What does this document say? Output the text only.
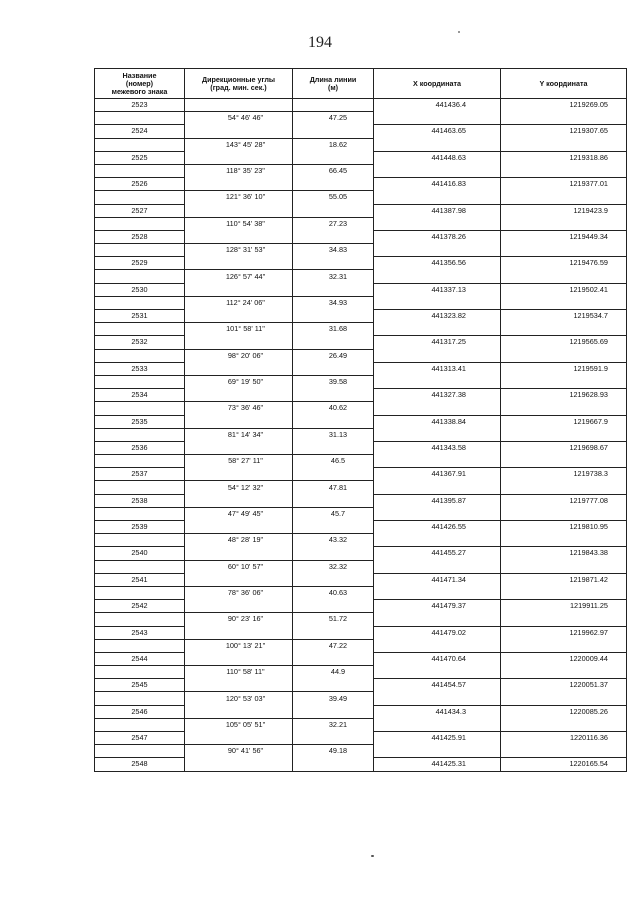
194
Название
(номер)
межевого знака	Дирекционные углы
(град. мин. сек.)	Длина линии
(м)	X координата	Y координата
2523			441436.4	1219269.05
	54° 46' 46"	47.25		
2524			441463.65	1219307.65
	143° 45' 28"	18.62		
2525			441448.63	1219318.86
	118° 35' 23"	66.45		
2526			441416.83	1219377.01
	121° 36' 10"	55.05		
2527			441387.98	1219423.9
	110° 54' 38"	27.23		
2528			441378.26	1219449.34
	128° 31' 53"	34.83		
2529			441356.56	1219476.59
	126° 57' 44"	32.31		
2530			441337.13	1219502.41
	112° 24' 06"	34.93		
2531			441323.82	1219534.7
	101° 58' 11"	31.68		
2532			441317.25	1219565.69
	98° 20' 06"	26.49		
2533			441313.41	1219591.9
	69° 19' 50"	39.58		
2534			441327.38	1219628.93
	73° 36' 46"	40.62		
2535			441338.84	1219667.9
	81° 14' 34"	31.13		
2536			441343.58	1219698.67
	58° 27' 11"	46.5		
2537			441367.91	1219738.3
	54° 12' 32"	47.81		
2538			441395.87	1219777.08
	47° 49' 45"	45.7		
2539			441426.55	1219810.95
	48° 28' 19"	43.32		
2540			441455.27	1219843.38
	60° 10' 57"	32.32		
2541			441471.34	1219871.42
	78° 36' 06"	40.63		
2542			441479.37	1219911.25
	90° 23' 16"	51.72		
2543			441479.02	1219962.97
	100° 13' 21"	47.22		
2544			441470.64	1220009.44
	110° 58' 11"	44.9		
2545			441454.57	1220051.37
	120° 53' 03"	39.49		
2546			441434.3	1220085.26
	105° 05' 51"	32.21		
2547			441425.91	1220116.36
	90° 41' 56"	49.18		
2548			441425.31	1220165.54
